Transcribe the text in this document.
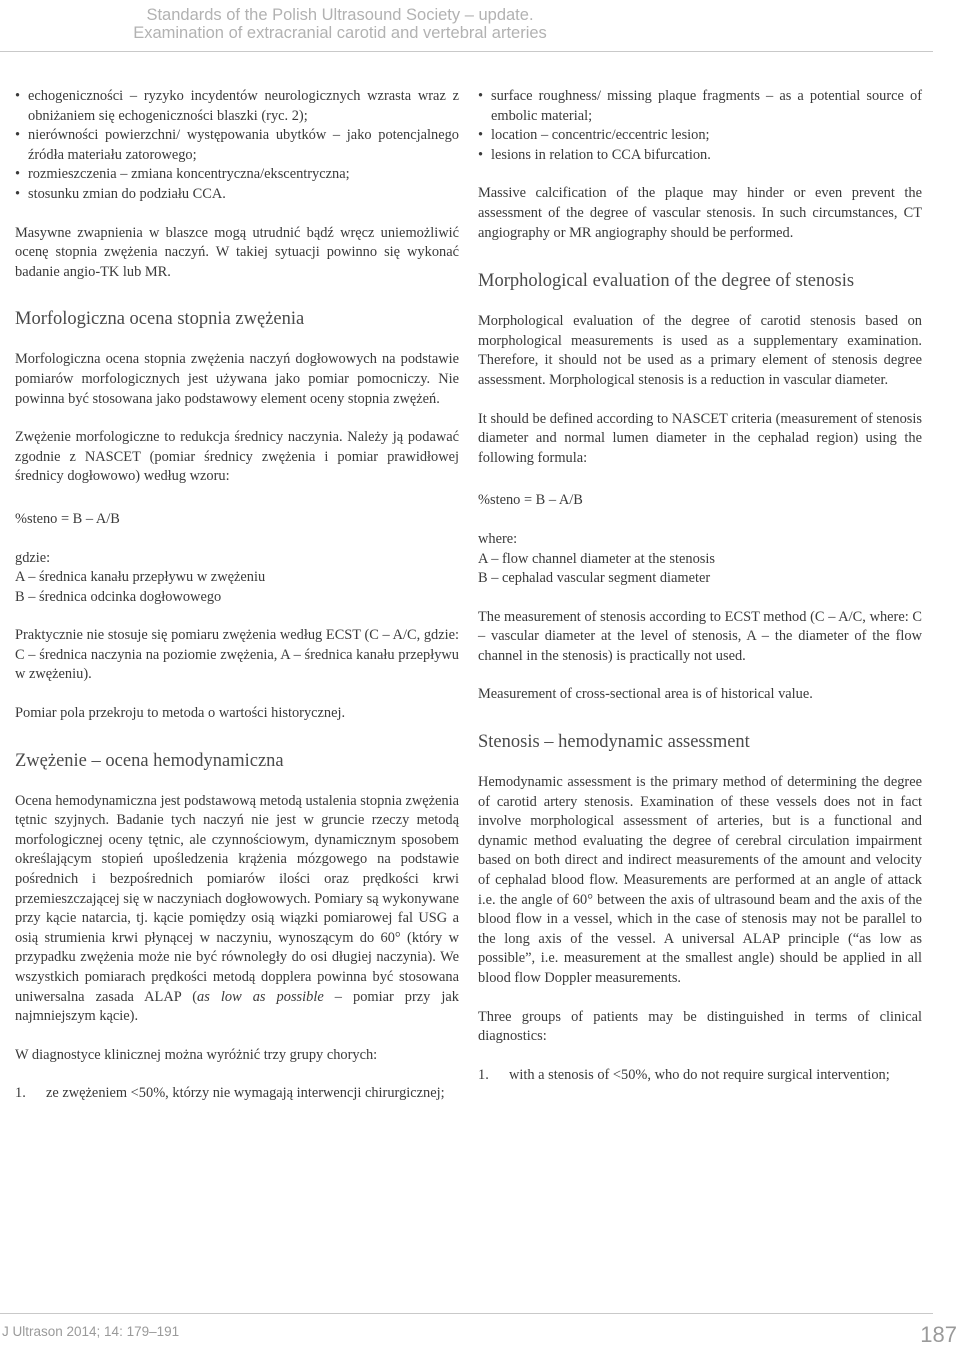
Standards of the Polish Ultrasound Society – update.
Examination of extracranial carotid and vertebral arteries
• echogeniczności – ryzyko incydentów neurologicznych wzrasta wraz z obniżaniem się echogeniczności blaszki (ryc. 2);
• nierówności powierzchni/ występowania ubytków – jako potencjalnego źródła materiału zatorowego;
• rozmieszczenia – zmiana koncentryczna/ekscentryczna;
• stosunku zmian do podziału CCA.

Masywne zwapnienia w blaszce mogą utrudnić bądź wręcz uniemożliwić ocenę stopnia zwężenia naczyń. W takiej sytuacji powinno się wykonać badanie angio-TK lub MR.

Morfologiczna ocena stopnia zwężenia

Morfologiczna ocena stopnia zwężenia naczyń dogłowowych na podstawie pomiarów morfologicznych jest używana jako pomiar pomocniczy. Nie powinna być stosowana jako podstawowy element oceny stopnia zwężeń.

Zwężenie morfologiczne to redukcja średnicy naczynia. Należy ją podawać zgodnie z NASCET (pomiar średnicy zwężenia i pomiar prawidłowej średnicy dogłowowo) według wzoru:

%steno = B – A/B

gdzie:

A – średnica kanału przepływu w zwężeniu

B – średnica odcinka dogłowowego

Praktycznie nie stosuje się pomiaru zwężenia według ECST (C – A/C, gdzie: C – średnica naczynia na poziomie zwężenia, A – średnica kanału przepływu w zwężeniu).

Pomiar pola przekroju to metoda o wartości historycznej.

Zwężenie – ocena hemodynamiczna

Ocena hemodynamiczna jest podstawową metodą ustalenia stopnia zwężenia tętnic szyjnych. Badanie tych naczyń nie jest w gruncie rzeczy metodą morfologicznej oceny tętnic, ale czynnościowym, dynamicznym sposobem określającym stopień upośledzenia krążenia mózgowego na podstawie pośrednich i bezpośrednich pomiarów ilości oraz prędkości krwi przemieszczającej się w naczyniach dogłowowych. Pomiary są wykonywane przy kącie natarcia, tj. kącie pomiędzy osią wiązki pomiarowej fal USG a osią strumienia krwi płynącej w naczyniu, wynoszącym do 60° (który w przypadku zwężenia może nie być równoległy do osi długiej naczynia). We wszystkich pomiarach prędkości metodą dopplera powinna być stosowana uniwersalna zasada ALAP (as low as possible – pomiar przy jak najmniejszym kącie).

W diagnostyce klinicznej można wyróżnić trzy grupy chorych:

1. ze zwężeniem <50%, którzy nie wymagają interwencji chirurgicznej;
• surface roughness/ missing plaque fragments – as a potential source of embolic material;
• location – concentric/eccentric lesion;
• lesions in relation to CCA bifurcation.

Massive calcification of the plaque may hinder or even prevent the assessment of the degree of vascular stenosis. In such circumstances, CT angiography or MR angiography should be performed.

Morphological evaluation of the degree of stenosis

Morphological evaluation of the degree of carotid stenosis based on morphological measurements is used as a supplementary examination. Therefore, it should not be used as a primary element of stenosis degree assessment. Morphological stenosis is a reduction in vascular diameter.

It should be defined according to NASCET criteria (measurement of stenosis diameter and normal lumen diameter in the cephalad region) using the following formula:

%steno = B – A/B

where:

A – flow channel diameter at the stenosis

B – cephalad vascular segment diameter

The measurement of stenosis according to ECST method (C – A/C, where: C – vascular diameter at the level of stenosis, A – the diameter of the flow channel in the stenosis) is practically not used.

Measurement of cross-sectional area is of historical value.

Stenosis – hemodynamic assessment

Hemodynamic assessment is the primary method of determining the degree of carotid artery stenosis. Examination of these vessels does not in fact involve morphological assessment of arteries, but is a functional and dynamic method evaluating the degree of cerebral circulation impairment based on both direct and indirect measurements of the amount and velocity of cephalad blood flow. Measurements are performed at an angle of attack i.e. the angle of 60° between the axis of ultrasound beam and the axis of the blood flow in a vessel, which in the case of stenosis may not be parallel to the long axis of the vessel. A universal ALAP principle (“as low as possible”, i.e. measurement at the smallest angle) should be applied in all blood flow Doppler measurements.

Three groups of patients may be distinguished in terms of clinical diagnostics:

1. with a stenosis of <50%, who do not require surgical intervention;
J Ultrason 2014; 14: 179–191	187
